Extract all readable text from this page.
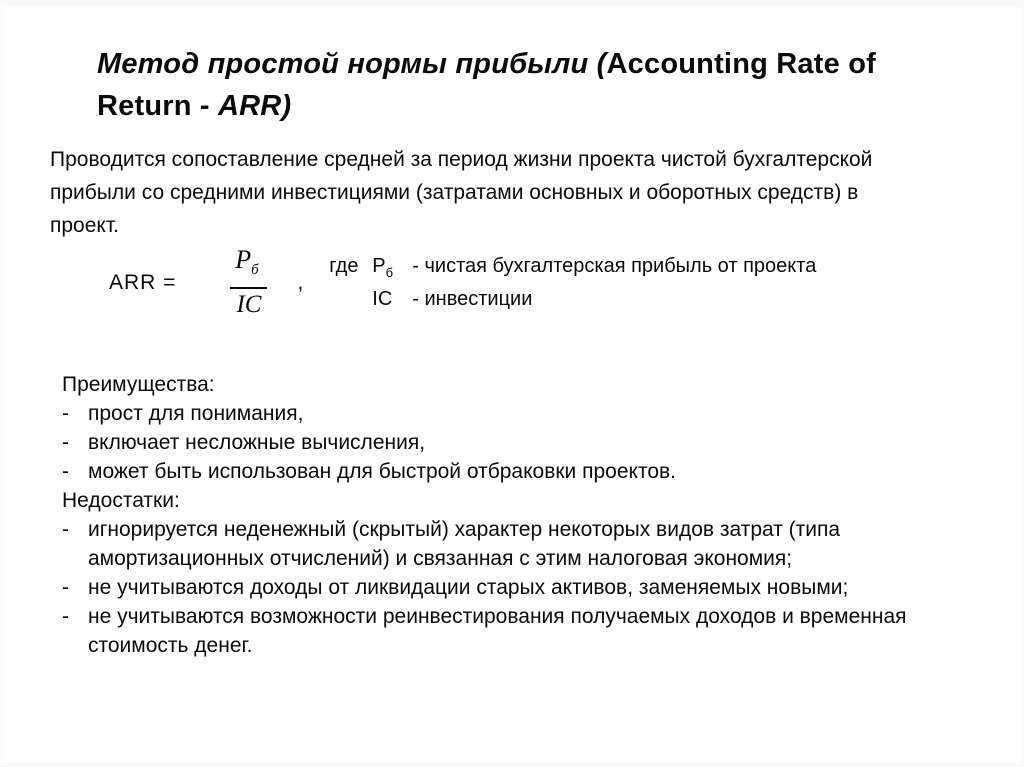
Метод простой нормы прибыли (Accounting Rate of Return - ARR)
Проводится сопоставление средней за период жизни проекта чистой бухгалтерской прибыли со средними инвестициями (затратами основных и оборотных средств) в проект.
ARR = $\frac{P_б}{IC}$ ,
где $P_б$ - чистая бухгалтерская прибыль от проекта
IC	- инвестиции
Преимущества:
- прост для понимания,
- включает несложные вычисления,
- может быть использован для быстрой отбраковки проектов.
Недостатки:
- игнорируется неденежный (скрытый) характер некоторых видов затрат (типа амортизационных отчислений) и связанная с этим налоговая экономия;
- не учитываются доходы от ликвидации старых активов, заменяемых новыми;
- не учитываются возможности реинвестирования получаемых доходов и временная стоимость денег.
